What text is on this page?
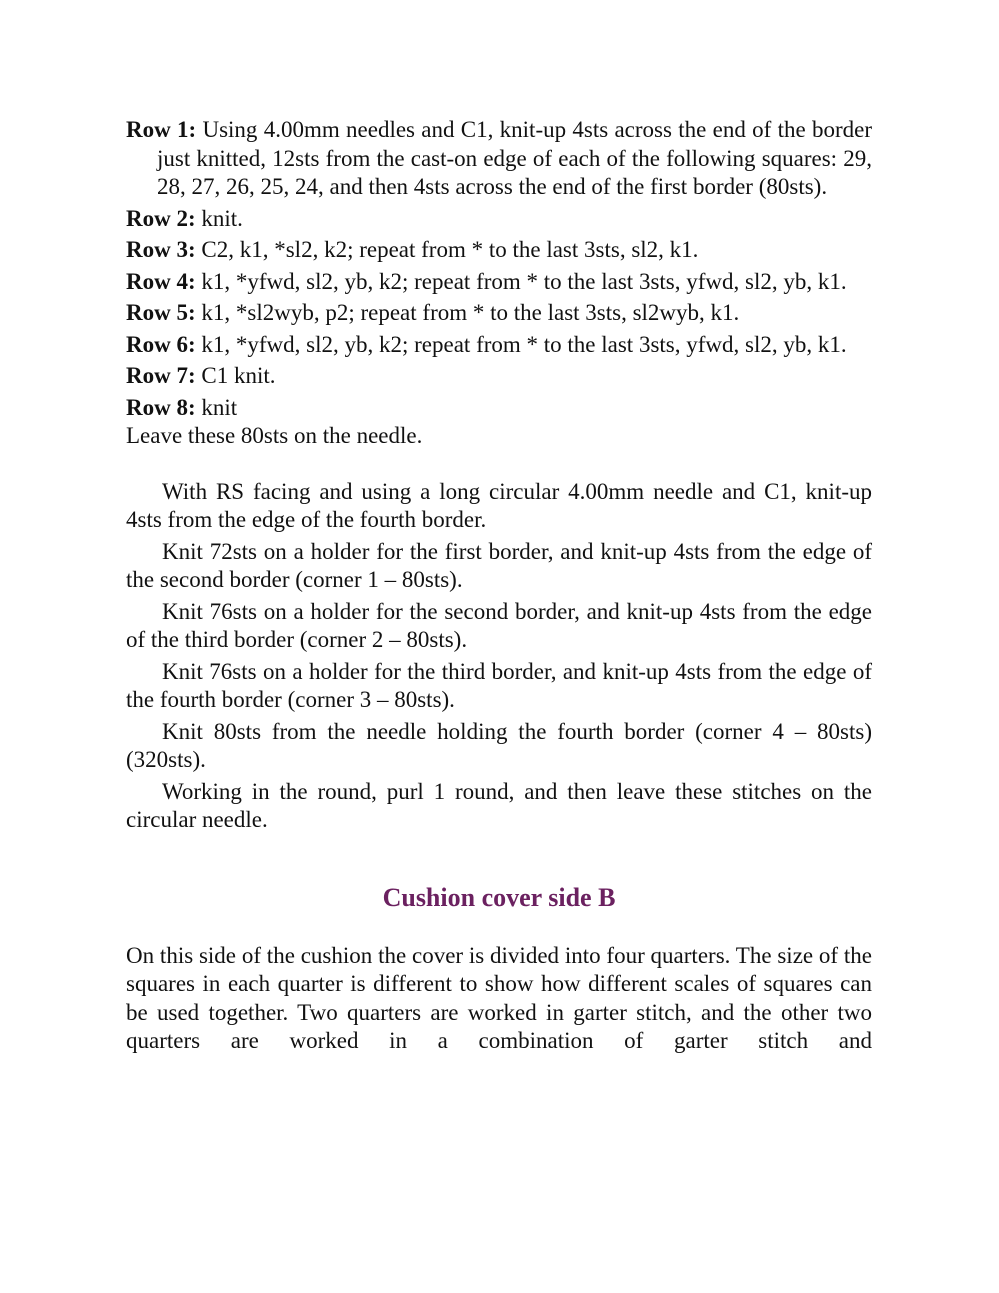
Row 1: Using 4.00mm needles and C1, knit-up 4sts across the end of the border just knitted, 12sts from the cast-on edge of each of the following squares: 29, 28, 27, 26, 25, 24, and then 4sts across the end of the first border (80sts).

Row 2: knit.

Row 3: C2, k1, *sl2, k2; repeat from * to the last 3sts, sl2, k1.

Row 4: k1, *yfwd, sl2, yb, k2; repeat from * to the last 3sts, yfwd, sl2, yb, k1.

Row 5: k1, *sl2wyb, p2; repeat from * to the last 3sts, sl2wyb, k1.

Row 6: k1, *yfwd, sl2, yb, k2; repeat from * to the last 3sts, yfwd, sl2, yb, k1.

Row 7: C1 knit.

Row 8: knit

Leave these 80sts on the needle.

With RS facing and using a long circular 4.00mm needle and C1, knit-up 4sts from the edge of the fourth border.

Knit 72sts on a holder for the first border, and knit-up 4sts from the edge of the second border (corner 1 – 80sts).

Knit 76sts on a holder for the second border, and knit-up 4sts from the edge of the third border (corner 2 – 80sts).

Knit 76sts on a holder for the third border, and knit-up 4sts from the edge of the fourth border (corner 3 – 80sts).

Knit 80sts from the needle holding the fourth border (corner 4 – 80sts) (320sts).

Working in the round, purl 1 round, and then leave these stitches on the circular needle.

Cushion cover side B

On this side of the cushion the cover is divided into four quarters. The size of the squares in each quarter is different to show how different scales of squares can be used together. Two quarters are worked in garter stitch, and the other two quarters are worked in a combination of garter stitch and
